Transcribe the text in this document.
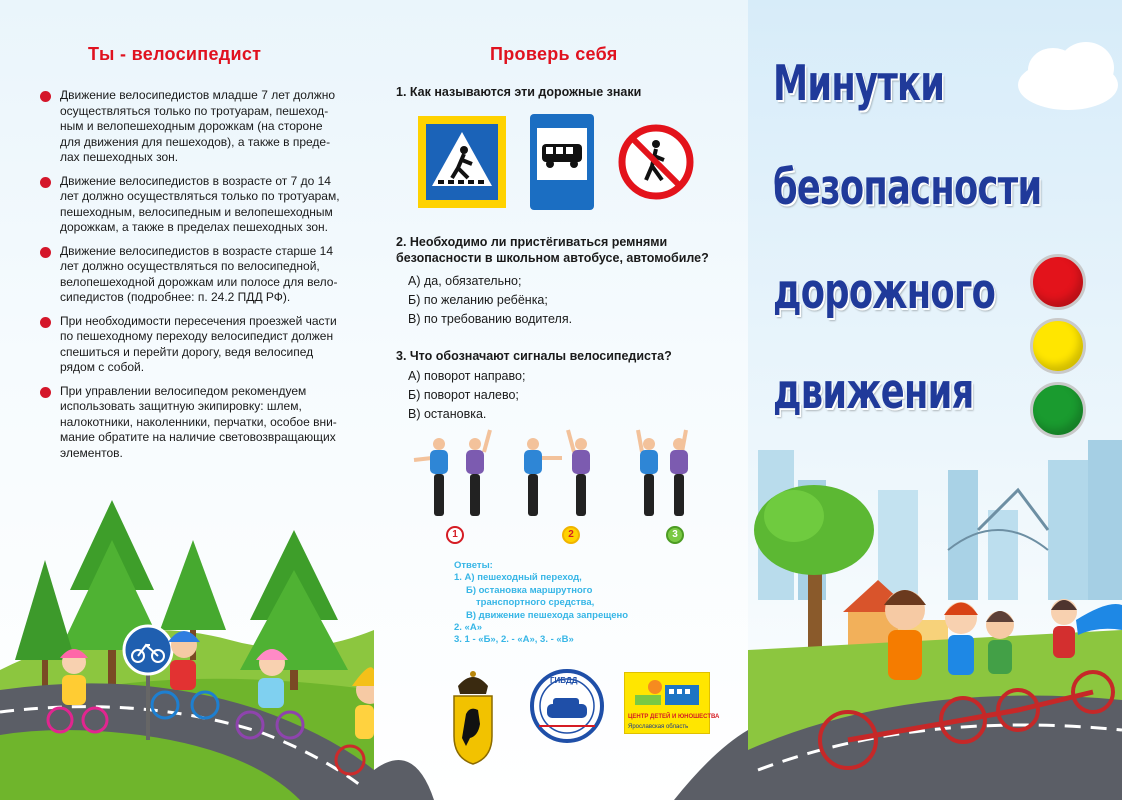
Ты - велосипедист
Движение велосипедистов младше 7 лет должно осуществляться только по тротуарам, пешеход-ным и велопешеходным дорожкам (на стороне для движения для пешеходов), а также в преде-лах пешеходных зон.
Движение велосипедистов в возрасте от 7 до 14 лет должно осуществляться только по тротуарам, пешеходным, велосипедным и велопешеходным дорожкам, а также в пределах пешеходных зон.
Движение велосипедистов в возрасте старше 14 лет должно осуществляться по велосипедной, велопешеходной дорожкам или полосе для вело-сипедистов (подробнее: п. 24.2 ПДД РФ).
При необходимости пересечения проезжей части по пешеходному переходу велосипедист должен спешиться и перейти дорогу, ведя велосипед рядом с собой.
При управлении велосипедом рекомендуем использовать защитную экипировку: шлем, налокотники, наколенники, перчатки, особое вни-мание обратите на наличие световозвращающих элементов.
Проверь себя
1. Как называются эти дорожные знаки
2. Необходимо ли пристёгиваться ремнями
безопасности в школьном автобусе, автомобиле?
А) да, обязательно;
Б) по желанию ребёнка;
В) по требованию водителя.
3. Что обозначают сигналы велосипедиста?
А) поворот направо;
Б) поворот налево;
В) остановка.
1	2	3
Ответы:
1. А) пешеходный переход,
Б) остановка маршрутного
транспортного средства,
В) движение пешехода запрещено
2. «А»
3. 1 - «Б», 2. - «А», 3. - «В»
ГИБДД
ЦЕНТР ДЕТЕЙ И ЮНОШЕСТВА
Ярославская область
Минутки
безопасности
дорожного
движения
